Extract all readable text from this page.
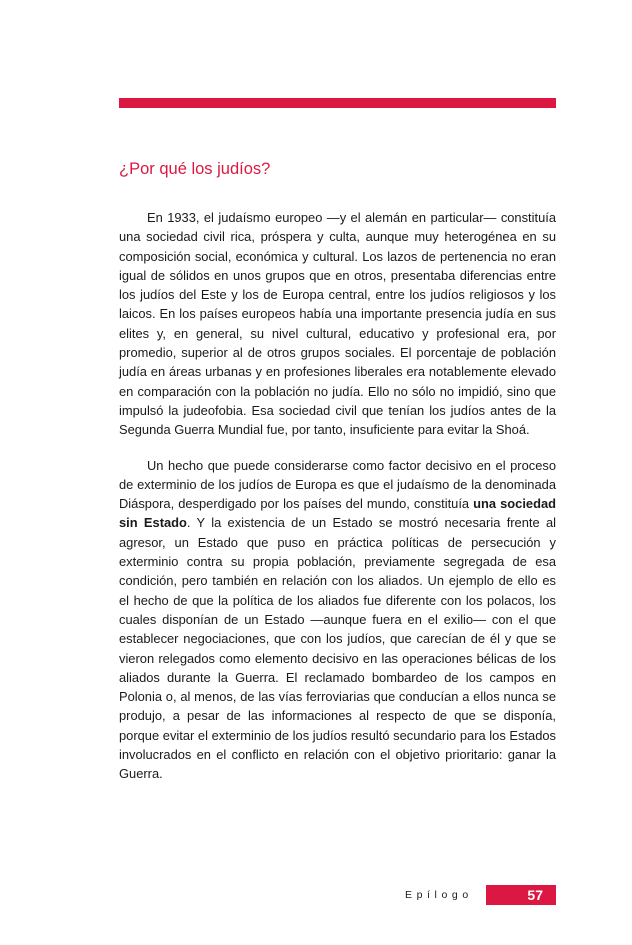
¿Por qué los judíos?

En 1933, el judaísmo europeo —y el alemán en particular— constituía una sociedad civil rica, próspera y culta, aunque muy heterogénea en su composición social, económica y cultural. Los lazos de pertenencia no eran igual de sólidos en unos grupos que en otros, presentaba diferencias entre los judíos del Este y los de Europa central, entre los judíos religiosos y los laicos. En los países europeos había una importante presencia judía en sus elites y, en general, su nivel cultural, educativo y profesional era, por promedio, superior al de otros grupos sociales. El porcentaje de población judía en áreas urbanas y en profesiones liberales era notablemente elevado en comparación con la población no judía. Ello no sólo no impidió, sino que impulsó la judeofobia. Esa sociedad civil que tenían los judíos antes de la Segunda Guerra Mundial fue, por tanto, insuficiente para evitar la Shoá.

Un hecho que puede considerarse como factor decisivo en el proceso de exterminio de los judíos de Europa es que el judaísmo de la denominada Diáspora, desperdigado por los países del mundo, constituía una sociedad sin Estado. Y la existencia de un Estado se mostró necesaria frente al agresor, un Estado que puso en práctica políticas de persecución y exterminio contra su propia población, previamente segregada de esa condición, pero también en relación con los aliados. Un ejemplo de ello es el hecho de que la política de los aliados fue diferente con los polacos, los cuales disponían de un Estado —aunque fuera en el exilio— con el que establecer negociaciones, que con los judíos, que carecían de él y que se vieron relegados como elemento decisivo en las operaciones bélicas de los aliados durante la Guerra. El reclamado bombardeo de los campos en Polonia o, al menos, de las vías ferroviarias que conducían a ellos nunca se produjo, a pesar de las informaciones al respecto de que se disponía, porque evitar el exterminio de los judíos resultó secundario para los Estados involucrados en el conflicto en relación con el objetivo prioritario: ganar la Guerra.

Epílogo	57
